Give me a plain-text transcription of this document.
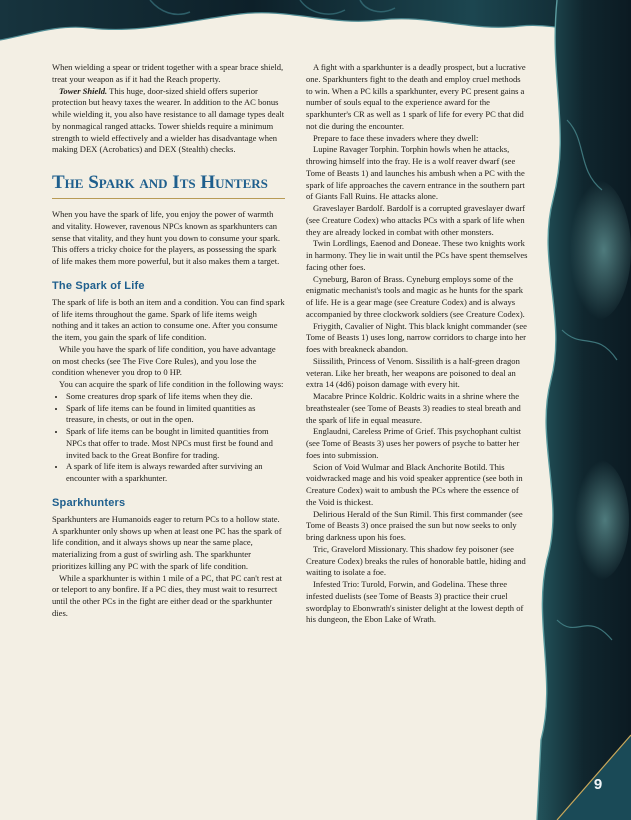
When wielding a spear or trident together with a spear brace shield, treat your weapon as if it had the Reach property.

Tower Shield. This huge, door-sized shield offers superior protection but heavy taxes the wearer. In addition to the AC bonus while wielding it, you also have resistance to all damage types dealt by nonmagical ranged attacks. Tower shields require a minimum strength to wield effectively and a wielder has disadvantage when making DEX (Acrobatics) and DEX (Stealth) checks.

The Spark and Its Hunters

When you have the spark of life, you enjoy the power of warmth and vitality. However, ravenous NPCs known as sparkhunters can sense that vitality, and they hunt you down to consume your spark. This offers a tricky choice for the players, as possessing the spark of life makes them more powerful, but it also makes them a target.

The Spark of Life

The spark of life is both an item and a condition. You can find spark of life items throughout the game. Spark of life items weigh nothing and it takes an action to consume one. After you consume the item, you gain the spark of life condition.

While you have the spark of life condition, you have advantage on most checks (see The Five Core Rules), and you lose the condition whenever you drop to 0 HP.

You can acquire the spark of life condition in the following ways:

• Some creatures drop spark of life items when they die.
• Spark of life items can be found in limited quantities as treasure, in chests, or out in the open.
• Spark of life items can be bought in limited quantities from NPCs that offer to trade. Most NPCs must first be found and invited back to the Great Bonfire for trading.
• A spark of life item is always rewarded after surviving an encounter with a sparkhunter.
Sparkhunters

Sparkhunters are Humanoids eager to return PCs to a hollow state. A sparkhunter only shows up when at least one PC has the spark of life condition, and it always shows up near the same place, materializing from a gust of swirling ash. The sparkhunter prioritizes killing any PC with the spark of life condition.

While a sparkhunter is within 1 mile of a PC, that PC can't rest at or teleport to any bonfire. If a PC dies, they must wait to resurrect until the other PCs in the fight are either dead or the sparkhunter dies.

A fight with a sparkhunter is a deadly prospect, but a lucrative one. Sparkhunters fight to the death and employ cruel methods to win. When a PC kills a sparkhunter, every PC present gains a number of souls equal to the experience award for the sparkhunter's CR as well as 1 spark of life for every PC that did not die during the encounter.

Prepare to face these invaders where they dwell:

Lupine Ravager Torphin. Torphin howls when he attacks, throwing himself into the fray. He is a wolf reaver dwarf (see Tome of Beasts 1) and launches his ambush when a PC with the spark of life approaches the cavern entrance in the southern part of Giants Fall Ruins. He attacks alone.

Graveslayer Bardolf. Bardolf is a corrupted graveslayer dwarf (see Creature Codex) who attacks PCs with a spark of life when they are already locked in combat with other monsters.

Twin Lordlings, Eaenod and Doneae. These two knights work in harmony. They lie in wait until the PCs have spent themselves facing other foes.

Cyneburg, Baron of Brass. Cyneburg employs some of the enigmatic mechanist's tools and magic as he hunts for the spark of life. He is a gear mage (see Creature Codex) and is always accompanied by three clockwork soldiers (see Creature Codex).

Friygith, Cavalier of Night. This black knight commander (see Tome of Beasts 1) uses long, narrow corridors to charge into her foes with breakneck abandon.

Siissilith, Princess of Venom. Sissilith is a half-green dragon veteran. Like her breath, her weapons are poisoned to deal an extra 14 (4d6) poison damage with every hit.

Macabre Prince Koldric. Koldric waits in a shrine where the breathstealer (see Tome of Beasts 3) readies to steal breath and the spark of life in equal measure.

Englaudni, Careless Prime of Grief. This psychophant cultist (see Tome of Beasts 3) uses her powers of psyche to batter her foes into submission.

Scion of Void Wulmar and Black Anchorite Botild. This voidwracked mage and his void speaker apprentice (see both in Creature Codex) wait to ambush the PCs where the essence of the Void is thickest.

Delirious Herald of the Sun Rimil. This first commander (see Tome of Beasts 3) once praised the sun but now seeks to only bring darkness upon his foes.

Tric, Gravelord Missionary. This shadow fey poisoner (see Creature Codex) breaks the rules of honorable battle, hiding and waiting to isolate a foe.

Infested Trio: Turold, Forwin, and Godelina. These three infested duelists (see Tome of Beasts 3) practice their cruel swordplay to Ebonwrath's sinister delight at the lowest depth of his dungeon, the Ebon Lake of Wrath.

9
